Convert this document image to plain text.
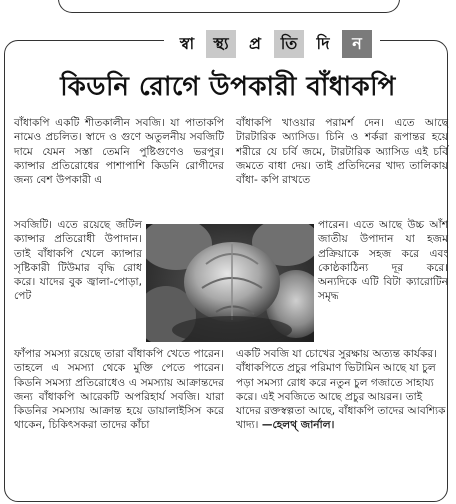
স্বা	স্থ্য	প্র	তি	দি	ন
কিডনি রোগে উপকারী বাঁধাকপি

বাঁধাকপি একটি শীতকালীন সবজি। যা পাতাকপি নামেও প্রচলিত। স্বাদে ও গুণে অতুলনীয় সবজিটি দামে যেমন সস্তা তেমনি পুষ্টিগুণেও ভরপুর। ক্যান্সার প্রতিরোধের পাশাপাশি কিডনি রোগীদের জন্য বেশ উপকারী এ

সবজিটি। এতে রয়েছে জটিল ক্যান্সার প্রতিরোধী উপাদান। তাই বাঁধাকপি খেলে ক্যান্সার সৃষ্টিকারী টিউমার বৃদ্ধি রোধ করে। যাদের বুক জ্বালা-পোড়া, পেট

ফাঁপার সমস্যা রয়েছে তারা বাঁধাকপি খেতে পারেন। তাহলে এ সমস্যা থেকে মুক্তি পেতে পারেন। কিডনি সমস্যা প্রতিরোধেও এ সমস্যায় আক্রান্তদের জন্য বাঁধাকপি আরেকটি অপরিহার্য সবজি। যারা কিডনির সমস্যায় আক্রান্ত হয়ে ডায়ালাইসিস করে থাকেন, চিকিৎসকরা তাদের কাঁচা

বাঁধাকপি খাওয়ার পরামর্শ দেন। এতে আছে টারটারিক অ্যাসিড। চিনি ও শর্করা রূপান্তর হয়ে শরীরে যে চর্বি জমে, টারটারিক অ্যাসিড এই চর্বি জমতে বাধা দেয়। তাই প্রতিদিনের খাদ্য তালিকায় বাঁধা- কপি রাখতে

পারেন। এতে আছে উচ্চ আঁশ জাতীয় উপাদান যা হজম প্রক্রিয়াকে সহজ করে এবং কোষ্ঠকাঠিন্য দূর করে। অন্যদিকে এটি বিটা ক্যারোটিন সমৃদ্ধ

একটি সবজি যা চোখের সুরক্ষায় অত্যন্ত কার্যকর। বাঁধাকপিতে প্রচুর পরিমাণ ভিটামিন আছে যা চুল পড়া সমস্যা রোধ করে নতুন চুল গজাতে সাহায্য করে। এই সবজিতে আছে প্রচুর আয়রন। তাই যাদের রক্তস্বল্পতা আছে, বাঁধাকপি তাদের আবশ্যিক খাদ্য। —হেলথ্‌ জার্নাল।
